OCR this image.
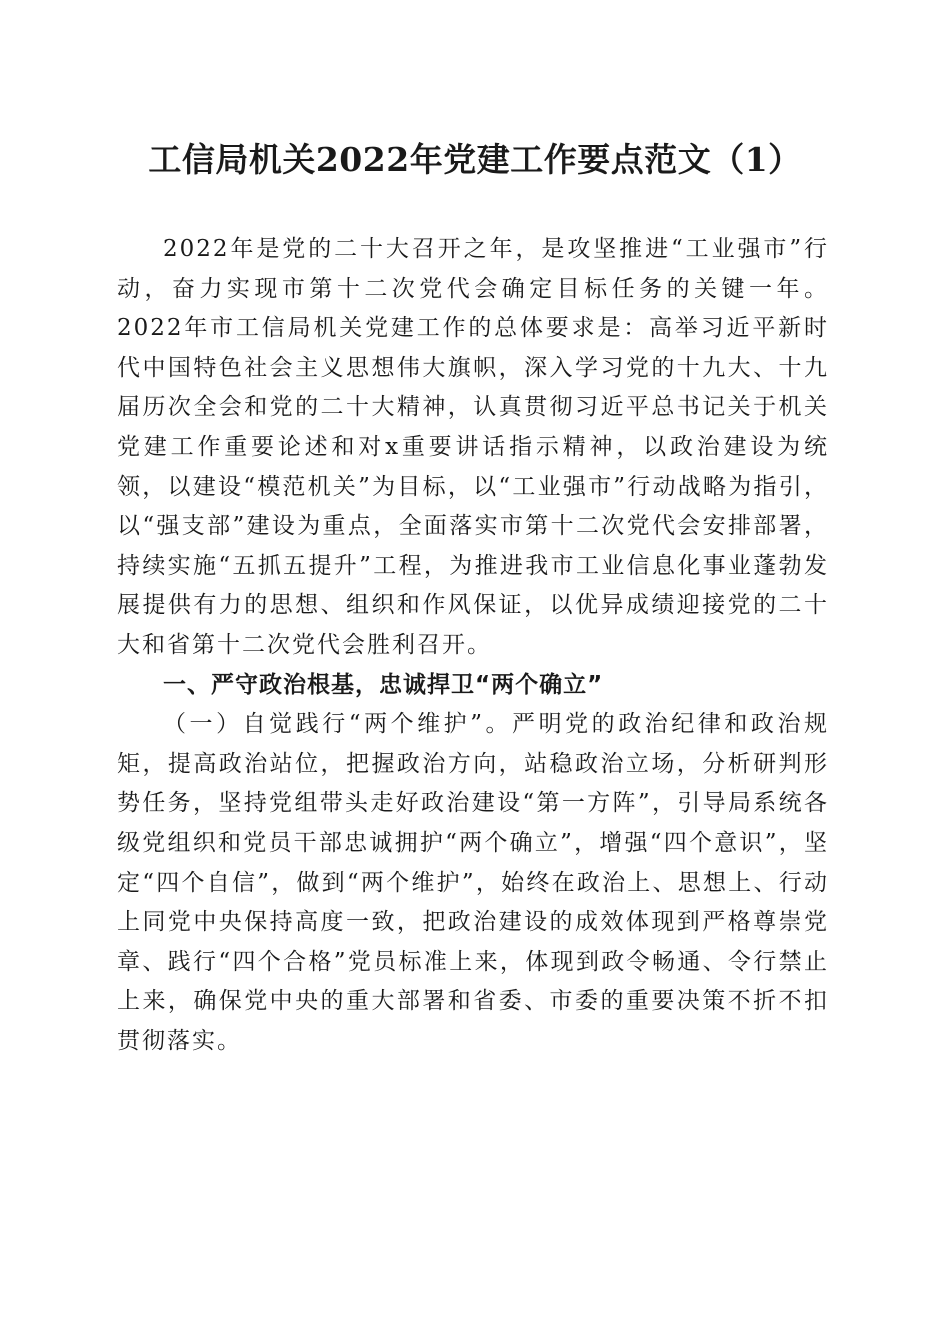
工信局机关2022年党建工作要点范文（1）

2022年是党的二十大召开之年，是攻坚推进“工业强市”行动，奋力实现市第十二次党代会确定目标任务的关键一年。2022年市工信局机关党建工作的总体要求是：高举习近平新时代中国特色社会主义思想伟大旗帜，深入学习党的十九大、十九届历次全会和党的二十大精神，认真贯彻习近平总书记关于机关党建工作重要论述和对x重要讲话指示精神，以政治建设为统领，以建设“模范机关”为目标，以“工业强市”行动战略为指引，以“强支部”建设为重点，全面落实市第十二次党代会安排部署，持续实施“五抓五提升”工程，为推进我市工业信息化事业蓬勃发展提供有力的思想、组织和作风保证，以优异成绩迎接党的二十大和省第十二次党代会胜利召开。

一、严守政治根基，忠诚捍卫“两个确立”

（一）自觉践行“两个维护”。严明党的政治纪律和政治规矩，提高政治站位，把握政治方向，站稳政治立场，分析研判形势任务，坚持党组带头走好政治建设“第一方阵”，引导局系统各级党组织和党员干部忠诚拥护“两个确立”，增强“四个意识”，坚定“四个自信”，做到“两个维护”，始终在政治上、思想上、行动上同党中央保持高度一致，把政治建设的成效体现到严格尊崇党章、践行“四个合格”党员标准上来，体现到政令畅通、令行禁止上来，确保党中央的重大部署和省委、市委的重要决策不折不扣贯彻落实。
